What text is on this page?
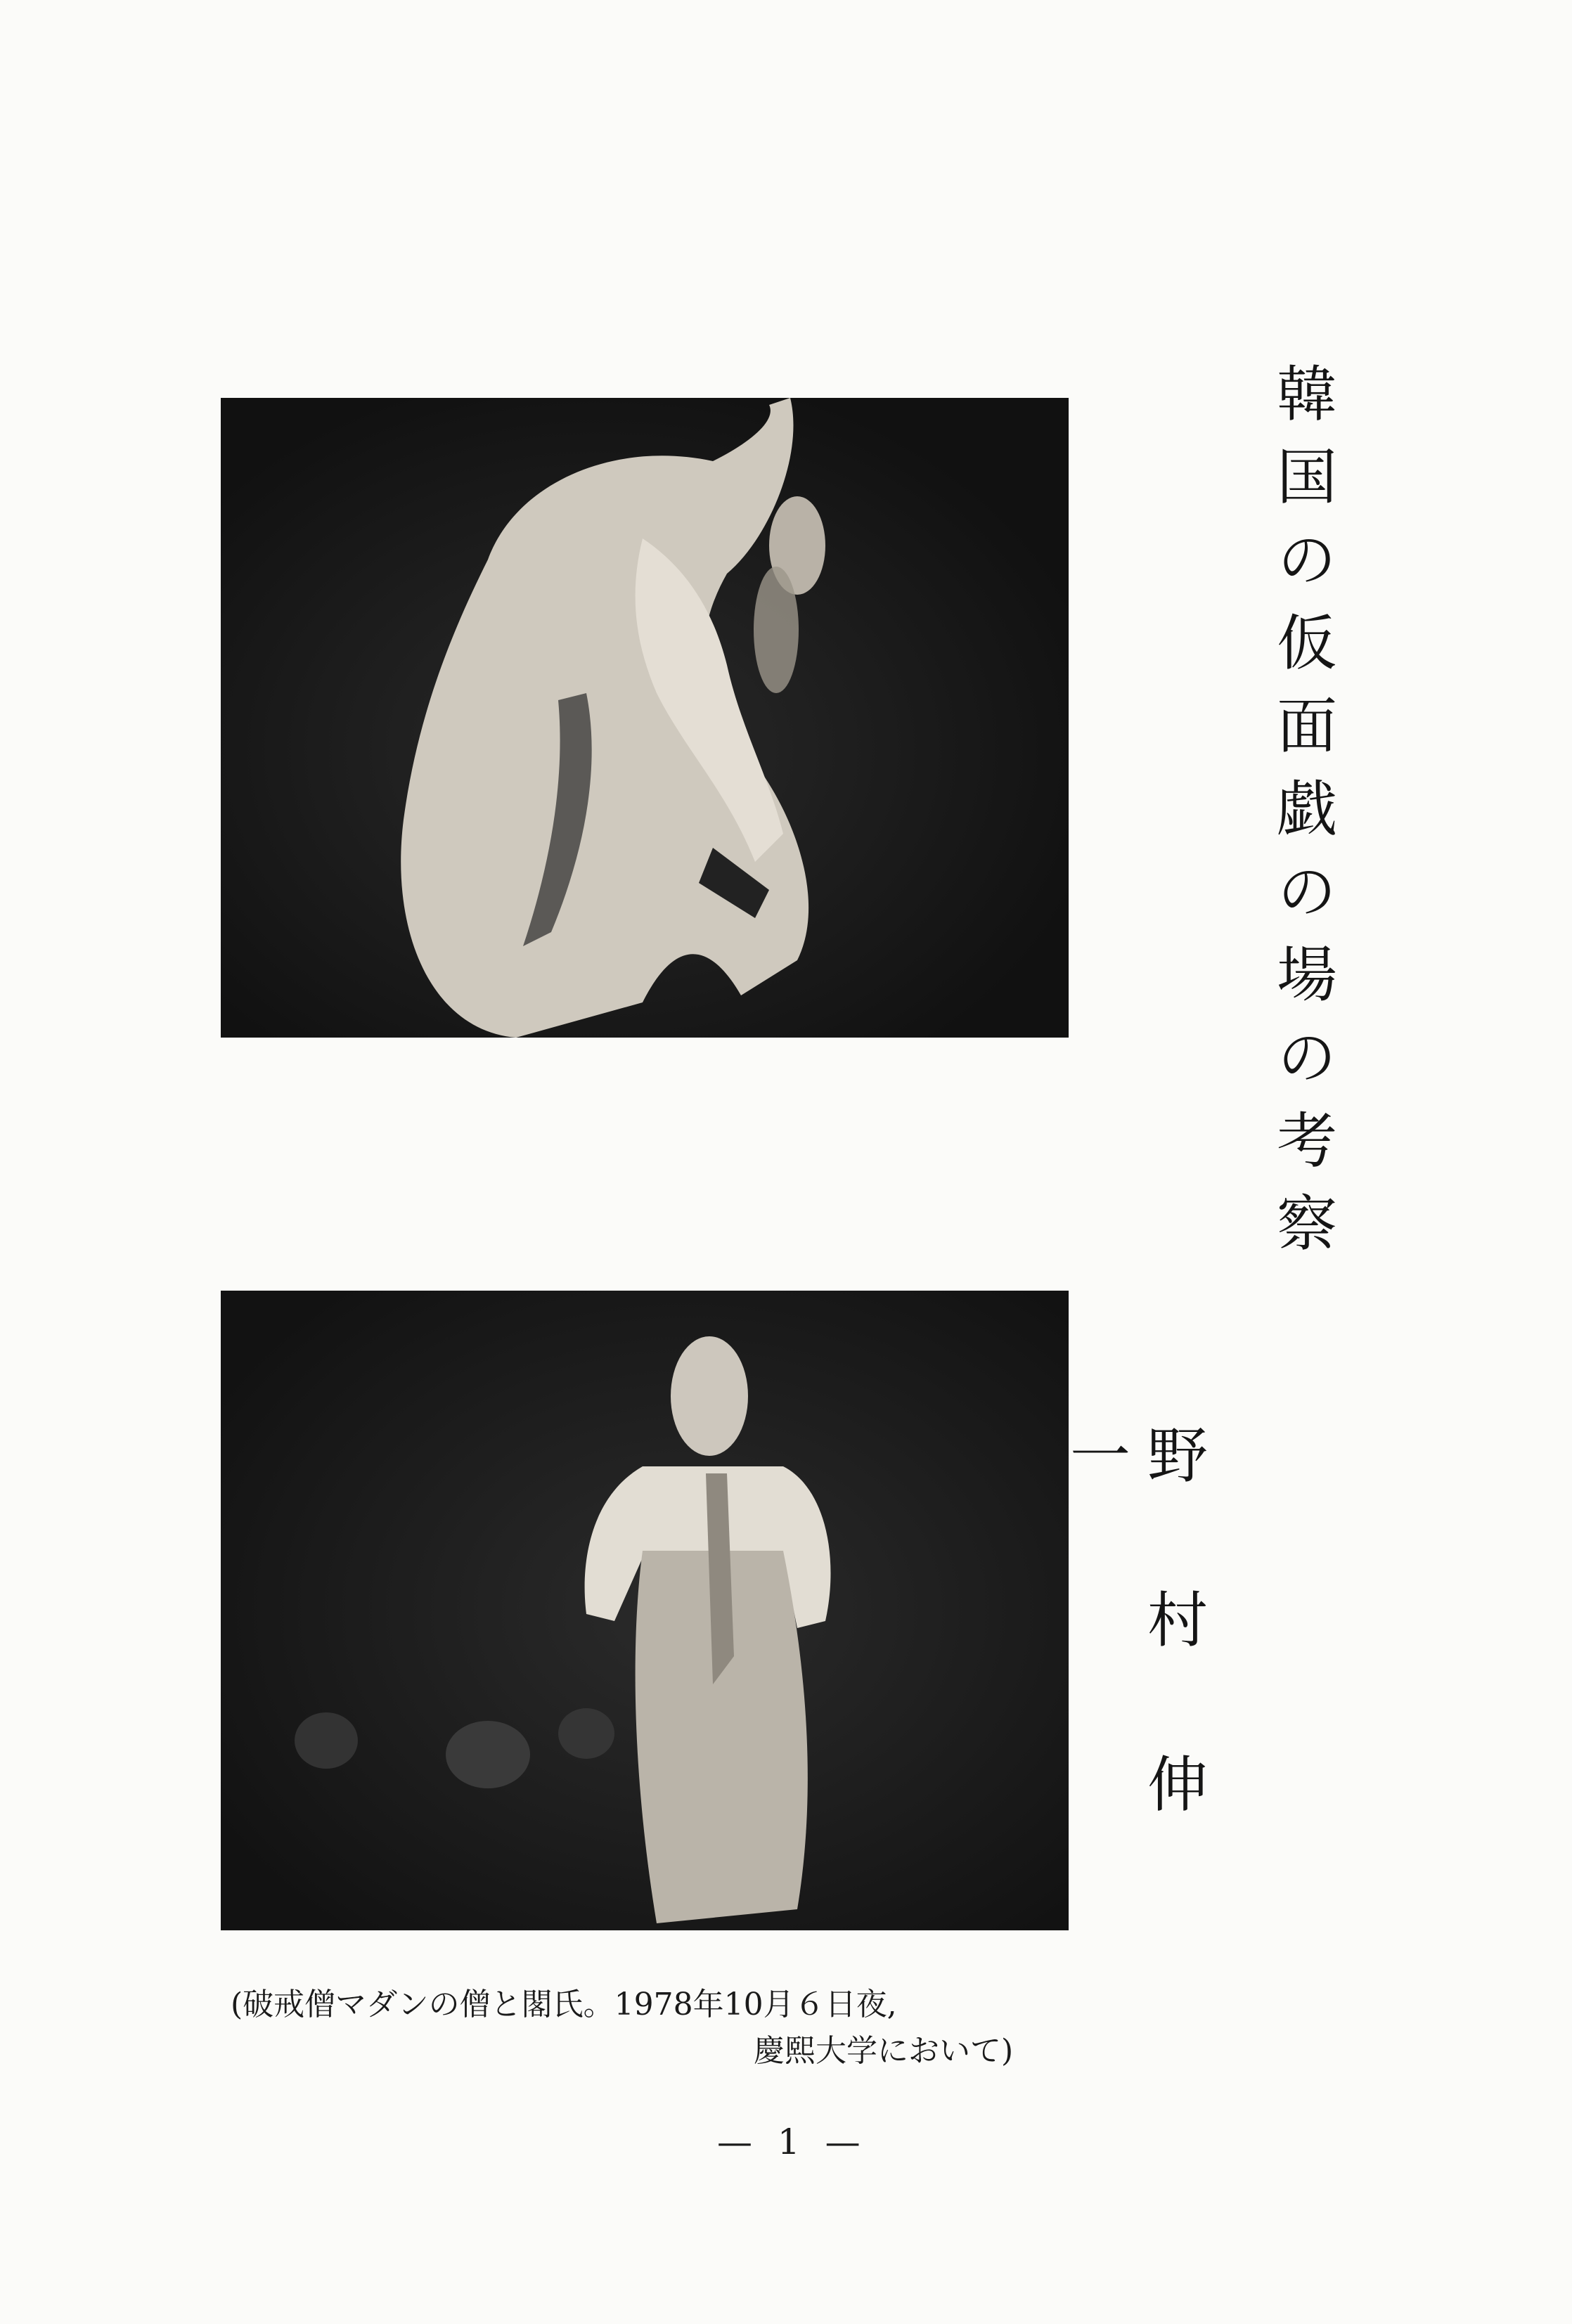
韓国の仮面戯の場の考察
野村伸一
(破戒僧マダンの僧と閣氏。1978年10月６日夜,
慶熙大学において)
— 1 —
